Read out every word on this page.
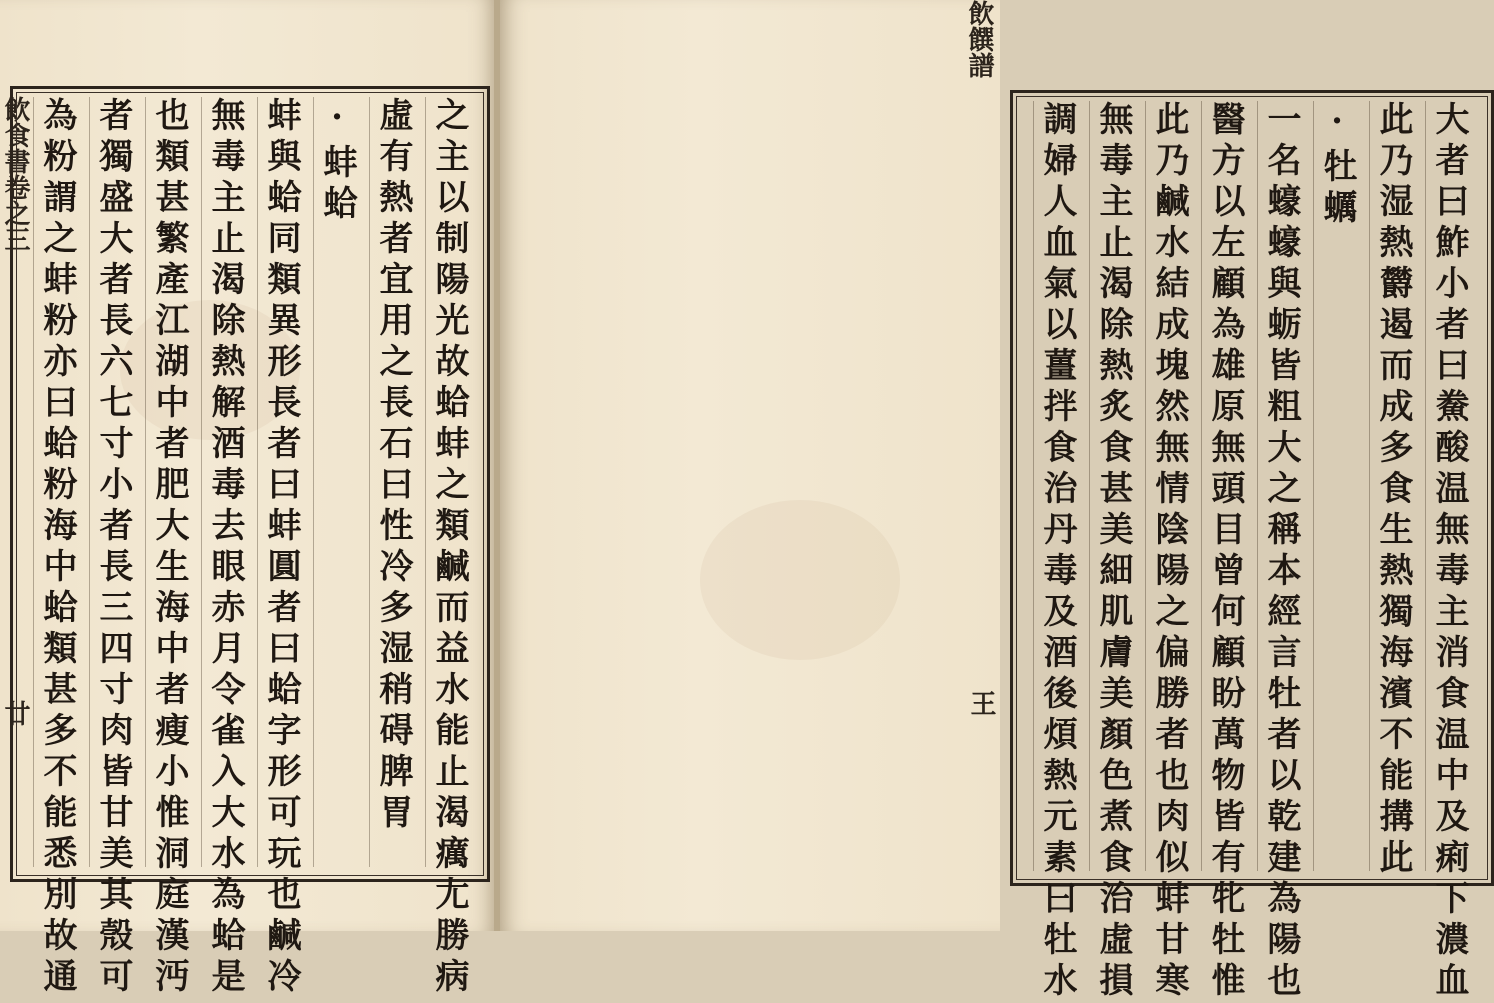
飲食書卷之三
廿	之主以制陽光故蛤蚌之類鹹而益水能止渴癘尢勝病
虛有熱者宜用之長石曰性冷多湿稍碍脾胃
·蚌蛤
蚌與蛤同類異形長者曰蚌圓者曰蛤字形可玩也鹹冷
無毒主止渴除熱解酒毒去眼赤月令雀入大水為蛤是
也類甚繁產江湖中者肥大生海中者瘦小惟洞庭漢沔
者獨盛大者長六七寸小者長三四寸肉皆甘美其殼可
為粉謂之蚌粉亦曰蛤粉海中蛤類甚多不能悉別故通
飲饌譜
王	大者曰鮓小者曰鮝酸温無毒主消食温中及痢下濃血
此乃湿熱欝遏而成多食生熱獨海濱不能搆此
·牡蠣
一名蠔蠔與蛎皆粗大之稱本經言牡者以乾建為陽也
醫方以左顧為雄原無頭目曾何顧盼萬物皆有牝牡惟
此乃鹹水結成塊然無情陰陽之偏勝者也肉似蚌甘寒
無毒主止渴除熱炙食甚美細肌膚美顏色煮食治虛損
調婦人血氣以薑拌食治丹毒及酒後煩熱元素曰牡水
